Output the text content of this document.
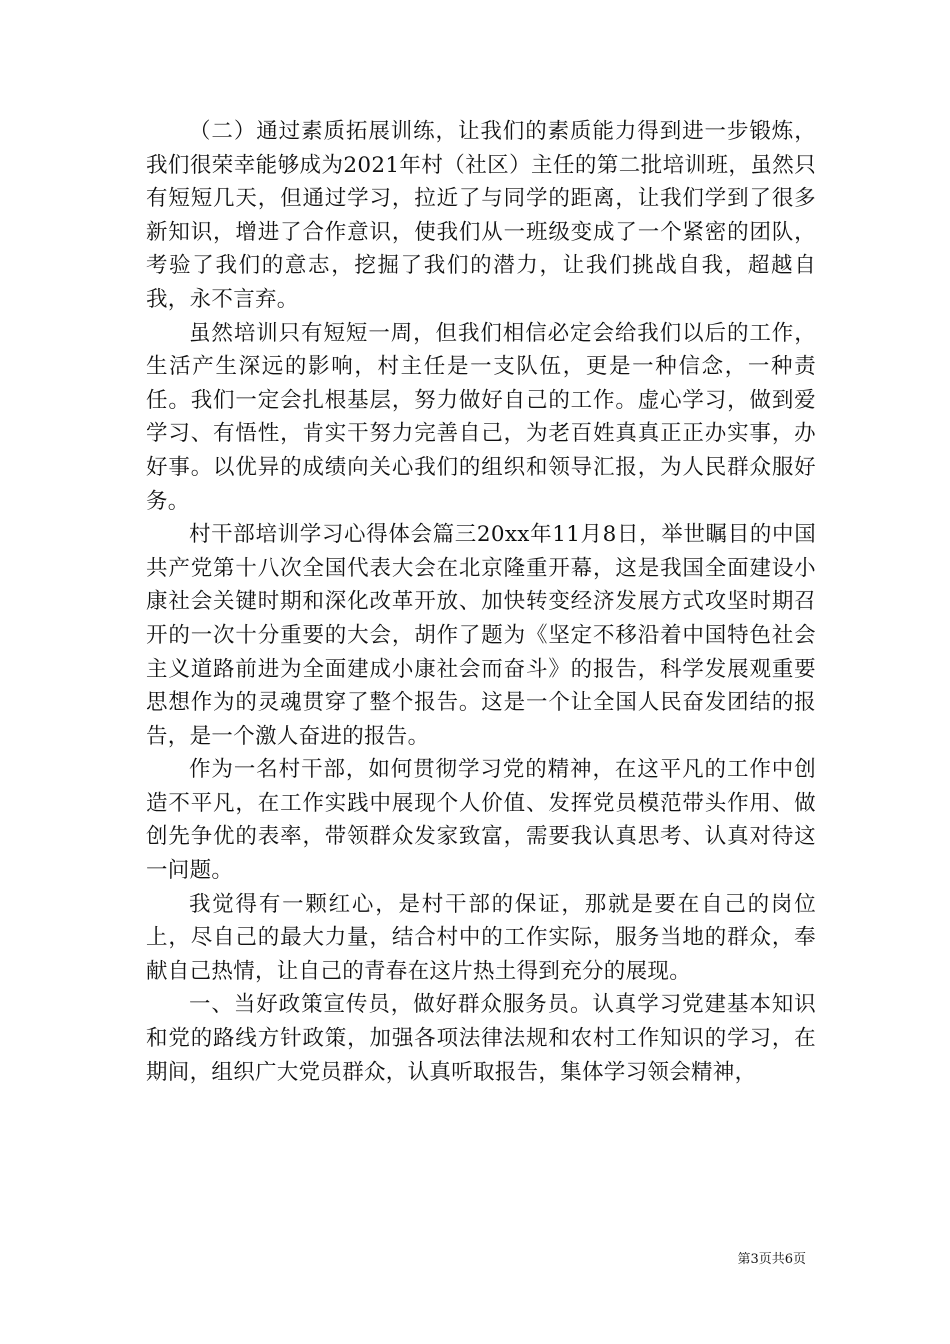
（二）通过素质拓展训练，让我们的素质能力得到进一步锻炼，我们很荣幸能够成为2021年村（社区）主任的第二批培训班，虽然只有短短几天，但通过学习，拉近了与同学的距离，让我们学到了很多新知识，增进了合作意识，使我们从一班级变成了一个紧密的团队，考验了我们的意志，挖掘了我们的潜力，让我们挑战自我，超越自我，永不言弃。

虽然培训只有短短一周，但我们相信必定会给我们以后的工作，生活产生深远的影响，村主任是一支队伍，更是一种信念，一种责任。我们一定会扎根基层，努力做好自己的工作。虚心学习，做到爱学习、有悟性，肯实干努力完善自己，为老百姓真真正正办实事，办好事。以优异的成绩向关心我们的组织和领导汇报，为人民群众服好务。

村干部培训学习心得体会篇三20xx年11月8日，举世瞩目的中国共产党第十八次全国代表大会在北京隆重开幕，这是我国全面建设小康社会关键时期和深化改革开放、加快转变经济发展方式攻坚时期召开的一次十分重要的大会，胡作了题为《坚定不移沿着中国特色社会主义道路前进为全面建成小康社会而奋斗》的报告，科学发展观重要思想作为的灵魂贯穿了整个报告。这是一个让全国人民奋发团结的报告，是一个激人奋进的报告。

作为一名村干部，如何贯彻学习党的精神，在这平凡的工作中创造不平凡，在工作实践中展现个人价值、发挥党员模范带头作用、做创先争优的表率，带领群众发家致富，需要我认真思考、认真对待这一问题。

我觉得有一颗红心，是村干部的保证，那就是要在自己的岗位上，尽自己的最大力量，结合村中的工作实际，服务当地的群众，奉献自己热情，让自己的青春在这片热土得到充分的展现。

一、当好政策宣传员，做好群众服务员。认真学习党建基本知识和党的路线方针政策，加强各项法律法规和农村工作知识的学习，在期间，组织广大党员群众，认真听取报告，集体学习领会精神，

第3页共6页
